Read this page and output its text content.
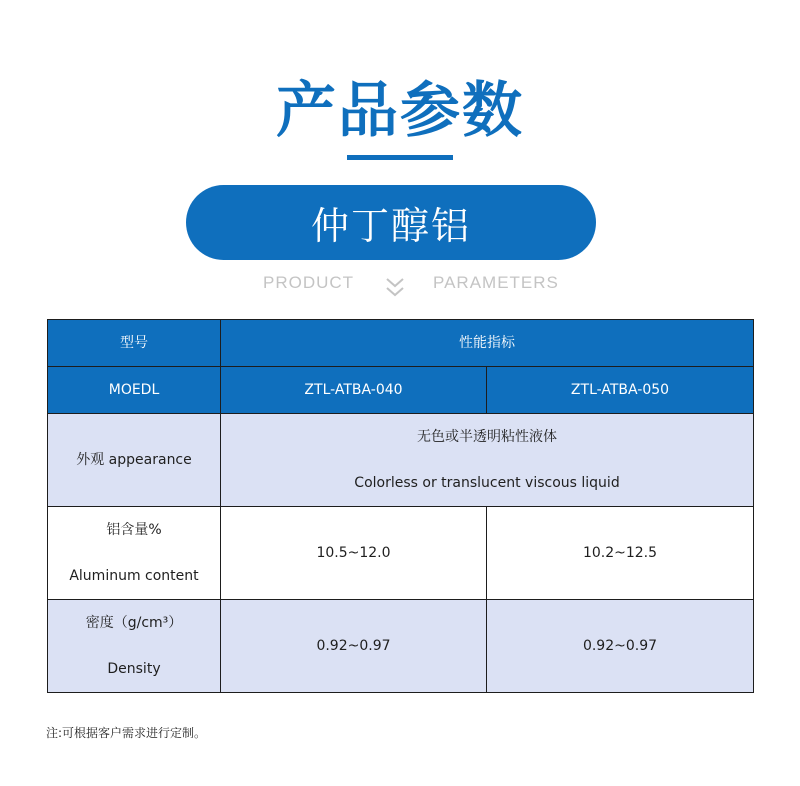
产品参数
仲丁醇铝
PRODUCT	PARAMETERS
型号	性能指标	
MOEDL	ZTL-ATBA-040	ZTL-ATBA-050
外观 appearance	无色或半透明粘性液体	
	Colorless or translucent viscous liquid	
铝含量%	10.5~12.0	10.2~12.5
Aluminum content		
密度（g/cm³）	0.92~0.97	0.92~0.97
Density		
注:可根据客户需求进行定制。
